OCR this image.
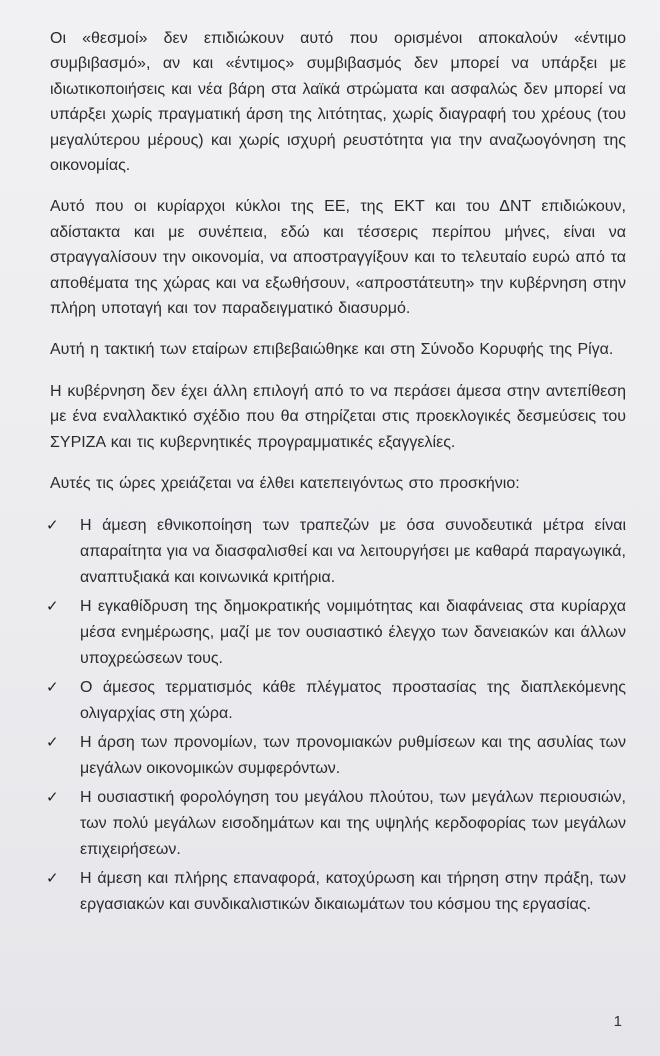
Οι «θεσμοί» δεν επιδιώκουν αυτό που ορισμένοι αποκαλούν «έντιμο συμβιβασμό», αν και «έντιμος» συμβιβασμός δεν μπορεί να υπάρξει με ιδιωτικοποιήσεις και νέα βάρη στα λαϊκά στρώματα και ασφαλώς δεν μπορεί να υπάρξει χωρίς πραγματική άρση της λιτότητας, χωρίς διαγραφή του χρέους (του μεγαλύτερου μέρους) και χωρίς ισχυρή ρευστότητα για την αναζωογόνηση της οικονομίας.

Αυτό που οι κυρίαρχοι κύκλοι της ΕΕ, της ΕΚΤ και του ΔΝΤ επιδιώκουν, αδίστακτα και με συνέπεια, εδώ και τέσσερις περίπου μήνες, είναι να στραγγαλίσουν την οικονομία, να αποστραγγίξουν και το τελευταίο ευρώ από τα αποθέματα της χώρας και να εξωθήσουν, «απροστάτευτη» την κυβέρνηση στην πλήρη υποταγή και τον παραδειγματικό διασυρμό.

Αυτή η τακτική των εταίρων επιβεβαιώθηκε και στη Σύνοδο Κορυφής της Ρίγα.

Η κυβέρνηση δεν έχει άλλη επιλογή από το να περάσει άμεσα στην αντεπίθεση με ένα εναλλακτικό σχέδιο που θα στηρίζεται στις προεκλογικές δεσμεύσεις του ΣΥΡΙΖΑ και τις κυβερνητικές προγραμματικές εξαγγελίες.

Αυτές τις ώρες χρειάζεται να έλθει κατεπειγόντως στο προσκήνιο:

✓ Η άμεση εθνικοποίηση των τραπεζών με όσα συνοδευτικά μέτρα είναι απαραίτητα για να διασφαλισθεί και να λειτουργήσει με καθαρά παραγωγικά, αναπτυξιακά και κοινωνικά κριτήρια.
✓ Η εγκαθίδρυση της δημοκρατικής νομιμότητας και διαφάνειας στα κυρίαρχα μέσα ενημέρωσης, μαζί με τον ουσιαστικό έλεγχο των δανειακών και άλλων υποχρεώσεων τους.
✓ Ο άμεσος τερματισμός κάθε πλέγματος προστασίας της διαπλεκόμενης ολιγαρχίας στη χώρα.
✓ Η άρση των προνομίων, των προνομιακών ρυθμίσεων και της ασυλίας των μεγάλων οικονομικών συμφερόντων.
✓ Η ουσιαστική φορολόγηση του μεγάλου πλούτου, των μεγάλων περιουσιών, των πολύ μεγάλων εισοδημάτων και της υψηλής κερδοφορίας των μεγάλων επιχειρήσεων.
✓ Η άμεση και πλήρης επαναφορά, κατοχύρωση και τήρηση στην πράξη, των εργασιακών και συνδικαλιστικών δικαιωμάτων του κόσμου της εργασίας.
1
